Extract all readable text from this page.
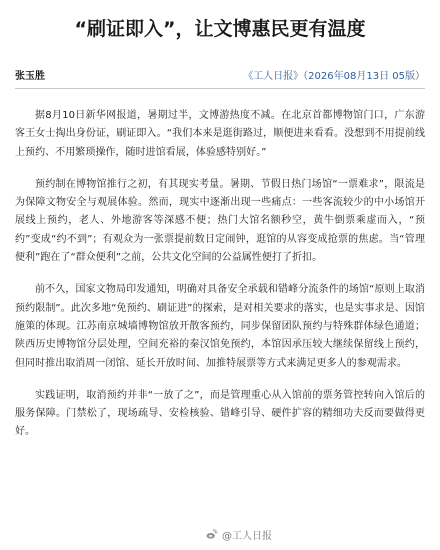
“刷证即入”，让文博惠民更有温度
张玉胜	《工人日报》（2026年08月13日 05版）

据8月10日新华网报道，暑期过半，文博游热度不减。在北京首都博物馆门口，广东游客王女士掏出身份证，刷证即入。“我们本来是逛街路过，顺便进来看看。没想到不用提前线上预约、不用繁琐操作，随时进馆看展，体验感特别好。”

预约制在博物馆推行之初，有其现实考量。暑期、节假日热门场馆“一票难求”，限流是为保障文物安全与观展体验。然而，现实中逐渐出现一些痛点：一些客流较少的中小场馆开展线上预约，老人、外地游客等深感不便；热门大馆名额秒空，黄牛倒票乘虚而入，“预约”变成“约不到”；有观众为一张票提前数日定闹钟，逛馆的从容变成抢票的焦虑。当“管理便利”跑在了“群众便利”之前，公共文化空间的公益属性便打了折扣。

前不久，国家文物局印发通知，明确对具备安全承载和错峰分流条件的场馆“原则上取消预约限制”。此次多地“免预约、刷证进”的探索，是对相关要求的落实，也是实事求是、因馆施策的体现。江苏南京城墙博物馆放开散客预约，同步保留团队预约与特殊群体绿色通道；陕西历史博物馆分层处理，空间充裕的秦汉馆免预约，本馆因承压较大继续保留线上预约，但同时推出取消周一闭馆、延长开放时间、加推特展票等方式来满足更多人的参观需求。

实践证明，取消预约并非“一放了之”，而是管理重心从入馆前的票务管控转向入馆后的服务保障。门禁松了，现场疏导、安检核验、错峰引导、硬件扩容的精细功夫反而要做得更好。

@工人日报
